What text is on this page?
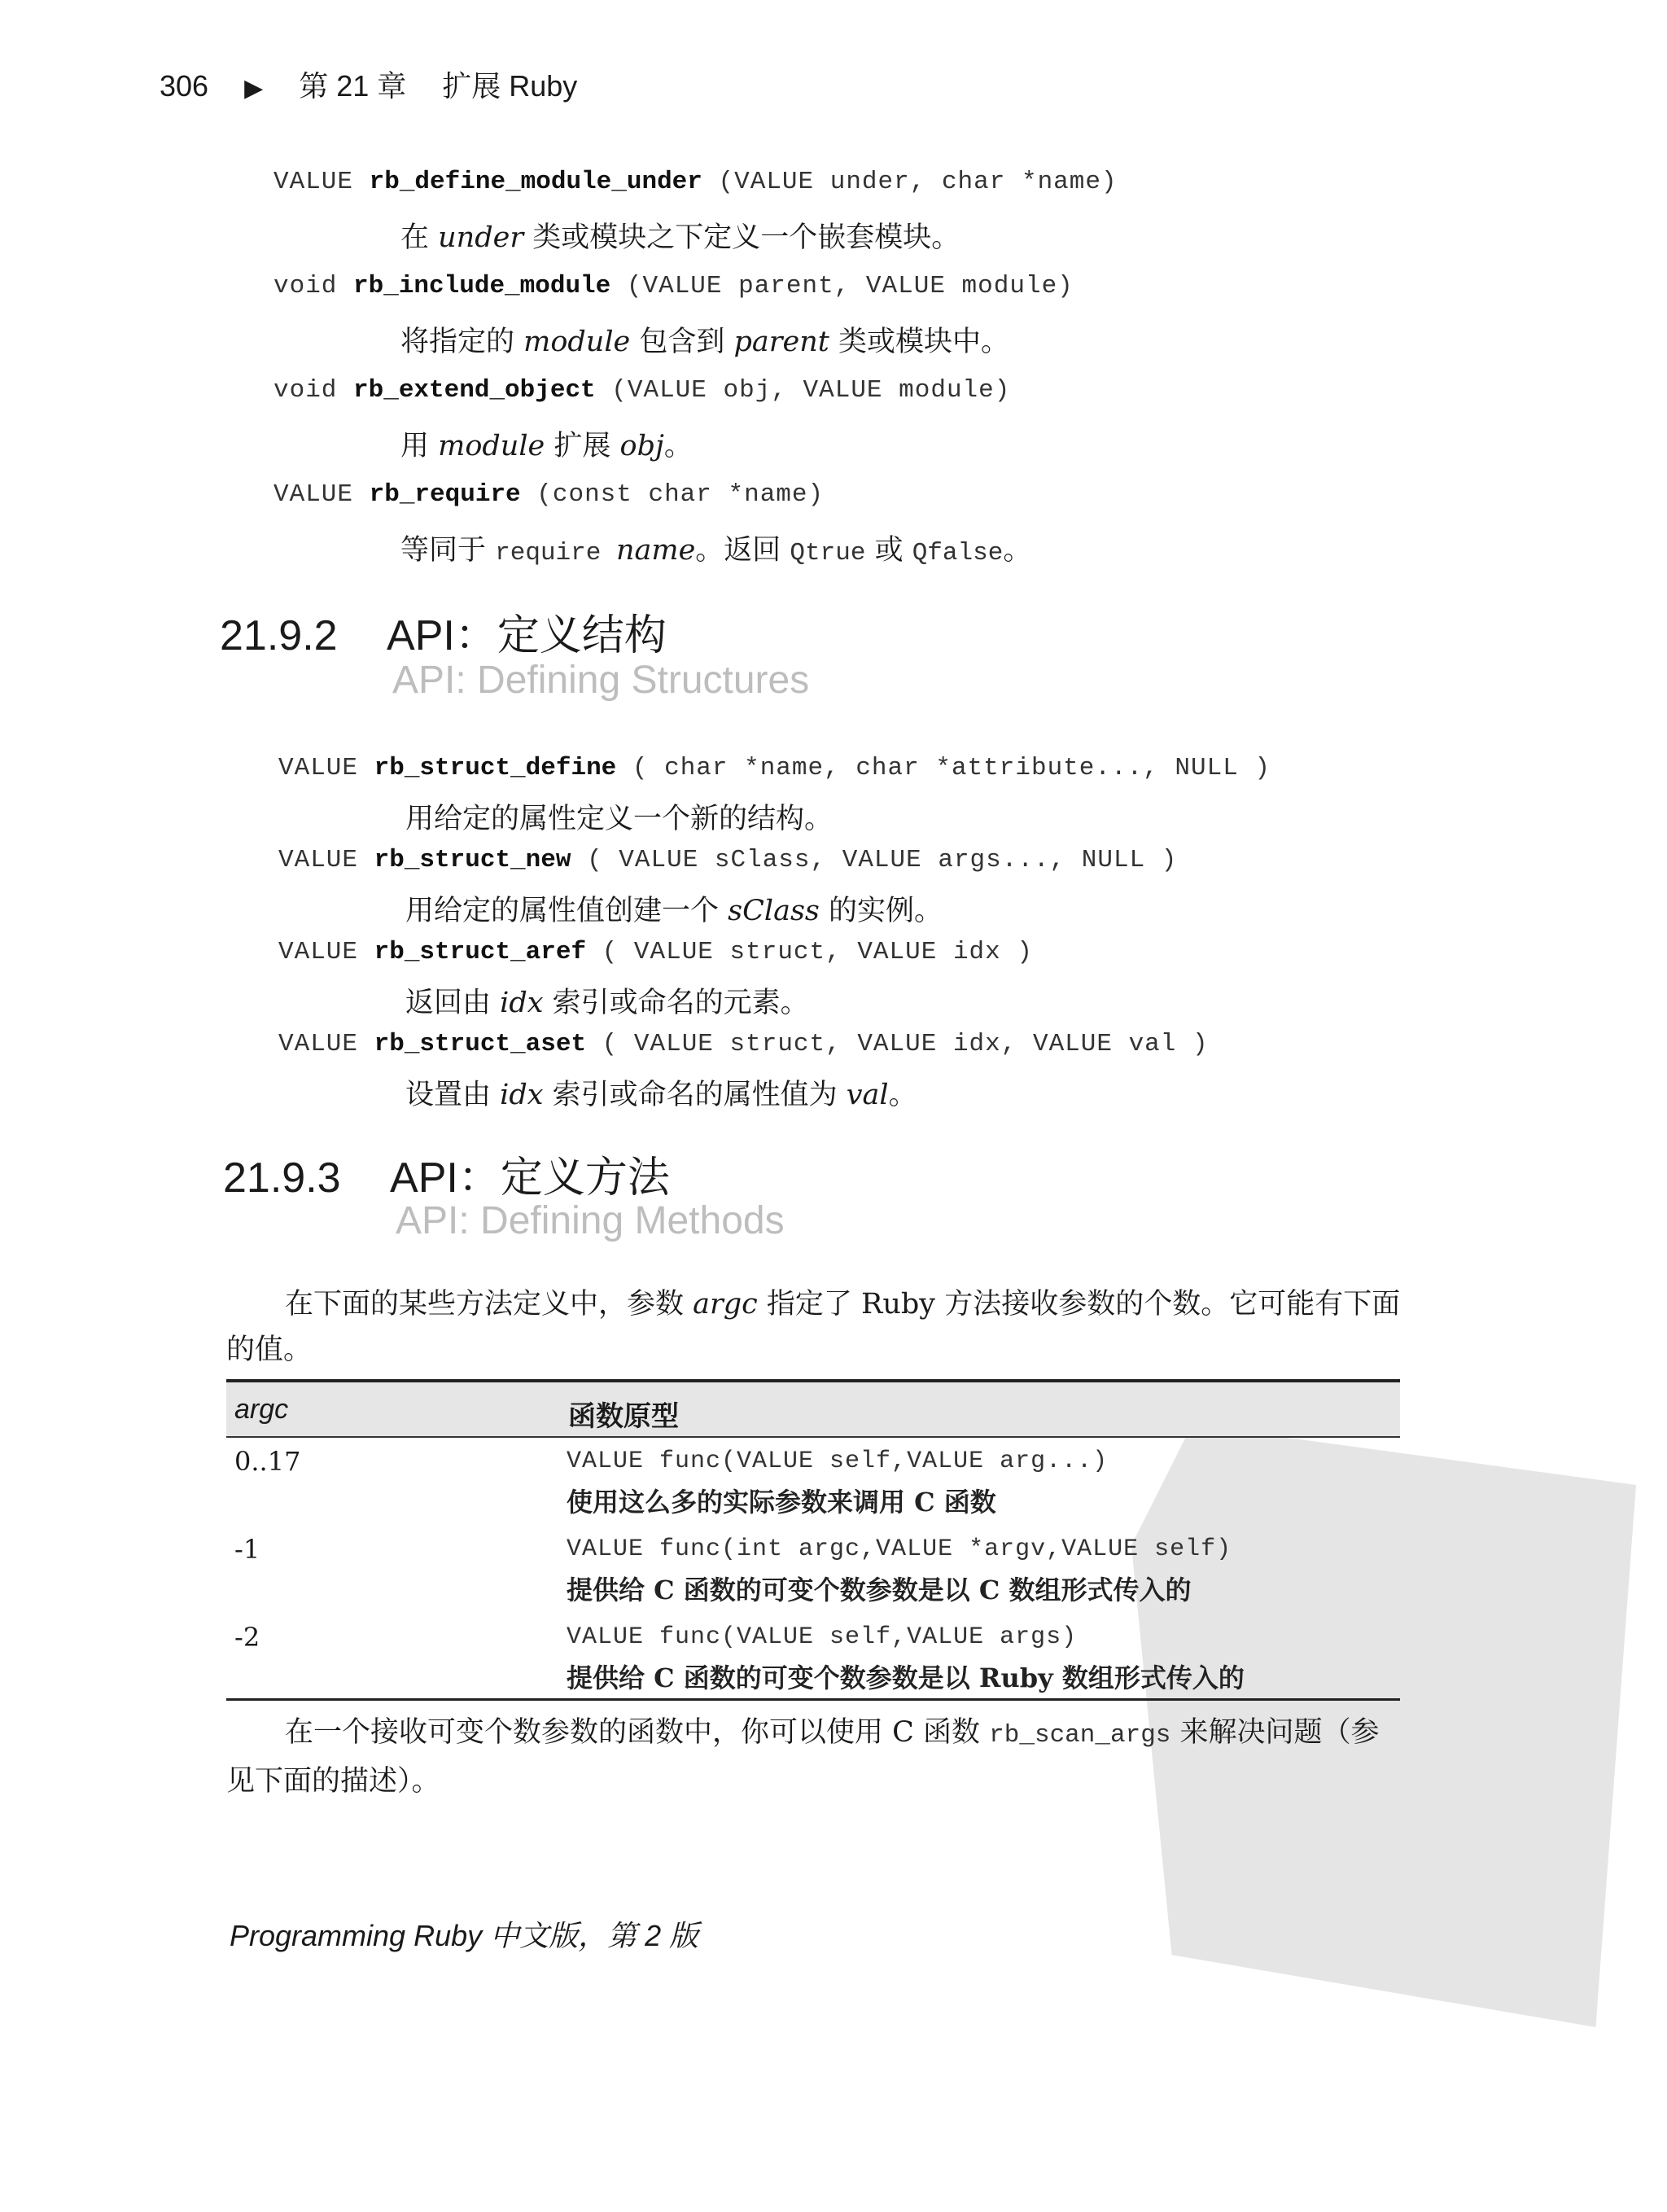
306 ▶ 第 21 章 扩展 Ruby
VALUE rb_define_module_under (VALUE under, char *name)
在 under 类或模块之下定义一个嵌套模块。
void rb_include_module (VALUE parent, VALUE module)
将指定的 module 包含到 parent 类或模块中。
void rb_extend_object (VALUE obj, VALUE module)
用 module 扩展 obj。
VALUE rb_require (const char *name)
等同于 require name。返回 Qtrue 或 Qfalse。
21.9.2 API：定义结构
API: Defining Structures
VALUE rb_struct_define ( char *name, char *attribute..., NULL )
用给定的属性定义一个新的结构。
VALUE rb_struct_new ( VALUE sClass, VALUE args..., NULL )
用给定的属性值创建一个 sClass 的实例。
VALUE rb_struct_aref ( VALUE struct, VALUE idx )
返回由 idx 索引或命名的元素。
VALUE rb_struct_aset ( VALUE struct, VALUE idx, VALUE val )
设置由 idx 索引或命名的属性值为 val。
21.9.3 API：定义方法
API: Defining Methods
在下面的某些方法定义中，参数 argc 指定了 Ruby 方法接收参数的个数。它可能有下面的值。
argc	函数原型
0..17	VALUE func(VALUE self,VALUE arg...)
使用这么多的实际参数来调用 C 函数
-1	VALUE func(int argc,VALUE *argv,VALUE self)
提供给 C 函数的可变个数参数是以 C 数组形式传入的
-2	VALUE func(VALUE self,VALUE args)
提供给 C 函数的可变个数参数是以 Ruby 数组形式传入的
在一个接收可变个数参数的函数中，你可以使用 C 函数 rb_scan_args 来解决问题（参见下面的描述）。
Programming Ruby 中文版，第 2 版
